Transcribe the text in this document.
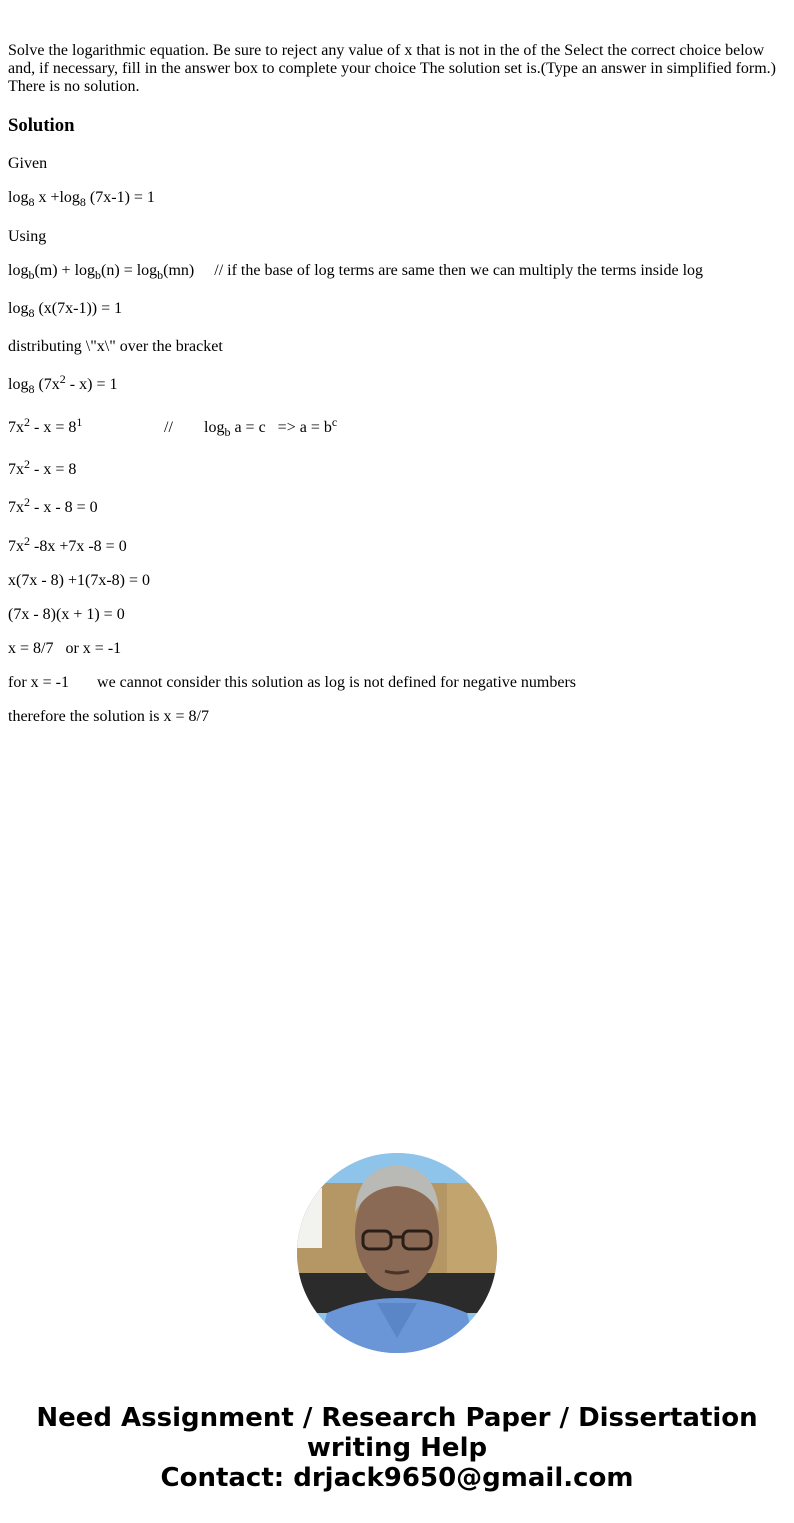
Solve the logarithmic equation. Be sure to reject any value of x that is not in the of the Select the correct choice below and, if necessary, fill in the answer box to complete your choice The solution set is.(Type an answer in simplified form.) There is no solution.

Solution

Given

$\log_8 x +\log_8$ (7x-1) = 1

Using

$\log_b(m) + \log_b(n) = \log_b(mn)$     // if the base of log terms are same then we can multiply the terms inside log

$\log_8 (x(7x-1)) = 1$

distributing \"x\" over the bracket

$\log_8 (7x^2 - x) = 1$

$7x^2 - x = 8^1$	// $\log_b a = c => a = b^c$

$7x^2 - x = 8$

$7x^2 - x - 8 = 0$

$7x^2$ -8x +7x -8 = 0

x(7x - 8) +1(7x-8) = 0

(7x - 8)(x + 1) = 0

x = 8/7   or x = -1

for x = -1       we cannot consider this solution as log is not defined for negative numbers

therefore the solution is x = 8/7

Need Assignment / Research Paper / Dissertation
writing Help
Contact: drjack9650@gmail.com
